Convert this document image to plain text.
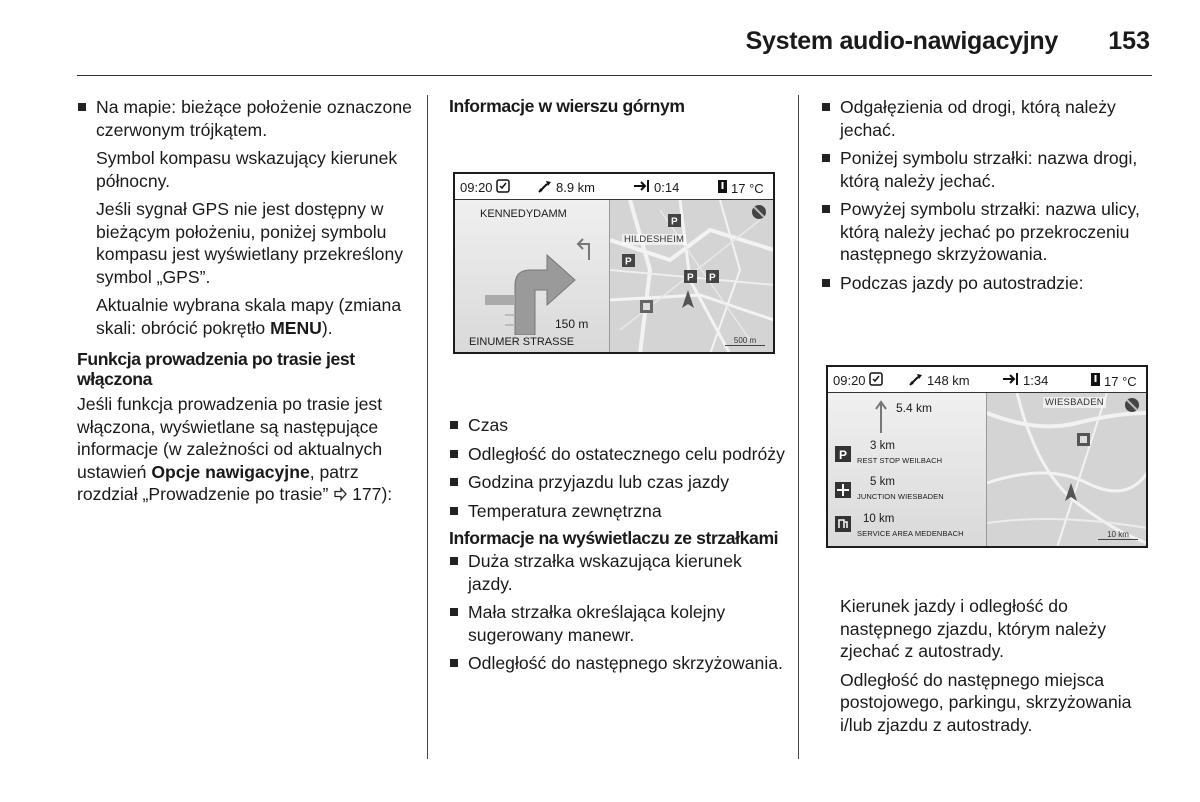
System audio-nawigacyjny 153
Na mapie: bieżące położenie oznaczone czerwonym trójkątem.
Symbol kompasu wskazujący kierunek północny.
Jeśli sygnał GPS nie jest dostępny w bieżącym położeniu, poniżej symbolu kompasu jest wyświetlany przekreślony symbol „GPS”.
Aktualnie wybrana skala mapy (zmiana skali: obrócić pokrętło MENU).
Funkcja prowadzenia po trasie jest włączona
Jeśli funkcja prowadzenia po trasie jest włączona, wyświetlane są następujące informacje (w zależności od aktualnych ustawień Opcje nawigacyjne, patrz rozdział „Prowadzenie po trasie”  177):
Informacje w wierszu górnym
09:20	8.9 km	0:14	17 °C
KENNEDYDAMM
150 m
EINUMER STRASSE
HILDESHEIM
P
P
P P
500 m
Czas
Odległość do ostatecznego celu podróży
Godzina przyjazdu lub czas jazdy
Temperatura zewnętrzna
Informacje na wyświetlaczu ze strzałkami
Duża strzałka wskazująca kierunek jazdy.
Mała strzałka określająca kolejny sugerowany manewr.
Odległość do następnego skrzyżowania.
Odgałęzienia od drogi, którą należy jechać.
Poniżej symbolu strzałki: nazwa drogi, którą należy jechać.
Powyżej symbolu strzałki: nazwa ulicy, którą należy jechać po przekroczeniu następnego skrzyżowania.
Podczas jazdy po autostradzie:
09:20	148 km	1:34	17 °C
5.4 km
P
3 km
REST STOP WEILBACH
5 km
JUNCTION WIESBADEN
10 km
SERVICE AREA MEDENBACH
WIESBADEN
10 km
Kierunek jazdy i odległość do następnego zjazdu, którym należy zjechać z autostrady.
Odległość do następnego miejsca postojowego, parkingu, skrzyżowania i/lub zjazdu z autostrady.
